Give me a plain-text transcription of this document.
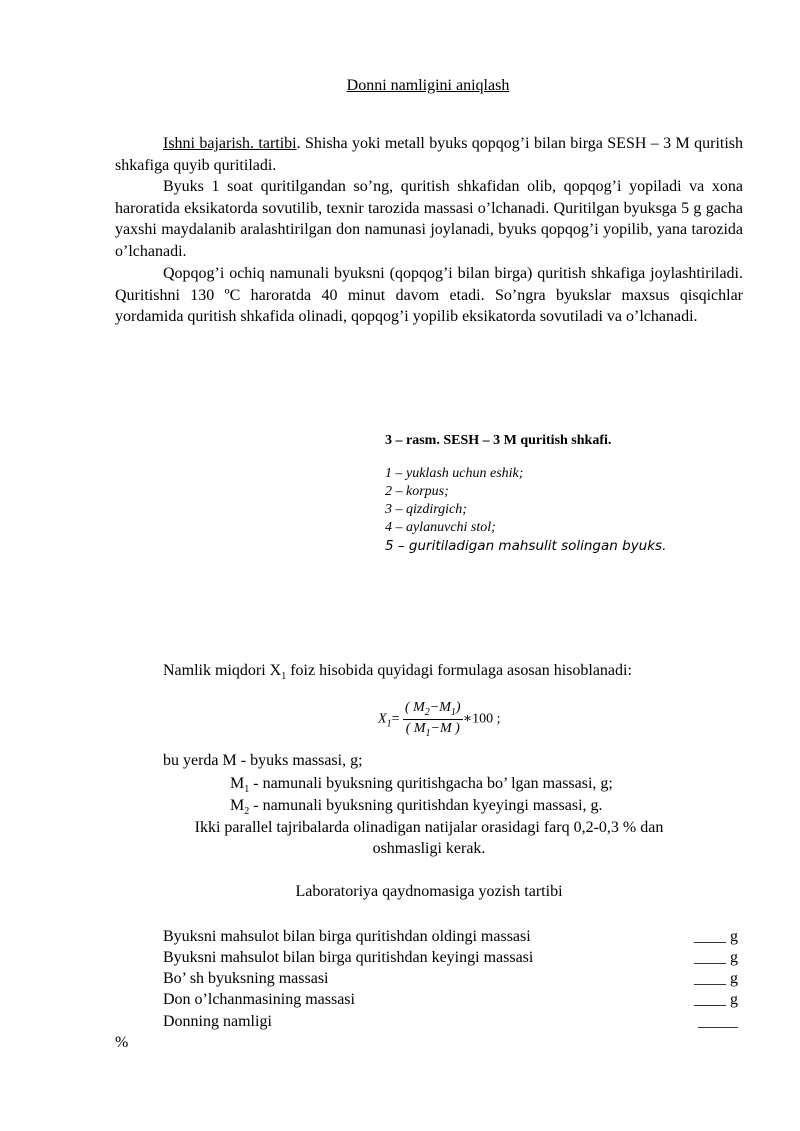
Donni namligini aniqlash
Ishni bajarish. tartibi. Shisha yoki metall byuks qopqog’i bilan birga SESH – 3 M quritish shkafiga quyib quritiladi.
Byuks 1 soat quritilgandan so’ng, quritish shkafidan olib, qopqog’i yopiladi va xona haroratida eksikatorda sovutilib, texnir tarozida massasi o’lchanadi. Quritilgan byuksga 5 g gacha yaxshi maydalanib aralashtirilgan don namunasi joylanadi, byuks qopqog’i yopilib, yana tarozida o’lchanadi.
Qopqog’i ochiq namunali byuksni (qopqog’i bilan birga) quritish shkafiga joylashtiriladi. Quritishni 130 ºC haroratda 40 minut davom etadi. So’ngra byukslar maxsus qisqichlar yordamida quritish shkafida olinadi, qopqog’i yopilib eksikatorda sovutiladi va o’lchanadi.
3 – rasm. SESH – 3 M quritish shkafi.
1 – yuklash uchun eshik;
2 – korpus;
3 – qizdirgich;
4 – aylanuvchi stol;
5 – guritiladigan mahsulit solingan byuks.
Namlik miqdori $X_1$ foiz hisobida quyidagi formulaga asosan hisoblanadi:
$X_1= \frac{( M_2-M_1)}{( M_1-M )}$ ∗100 ;
bu yerda M - byuks massasi, g;
$M_1$ - namunali byuksning quritishgacha bo’ lgan massasi, g;
$M_2$ - namunali byuksning quritishdan kyeyingi massasi, g.
Ikki parallel tajribalarda olinadigan natijalar orasidagi farq 0,2-0,3 % dan
oshmasligi kerak.
Laboratoriya qaydnomasiga yozish tartibi
Byuksni mahsulot bilan birga quritishdan oldingi massasi	____ g
Byuksni mahsulot bilan birga quritishdan keyingi massasi	____ g
Bo’ sh byuksning massasi	____ g
Don o’lchanmasining massasi	____ g
Donning namligi	_____
%
